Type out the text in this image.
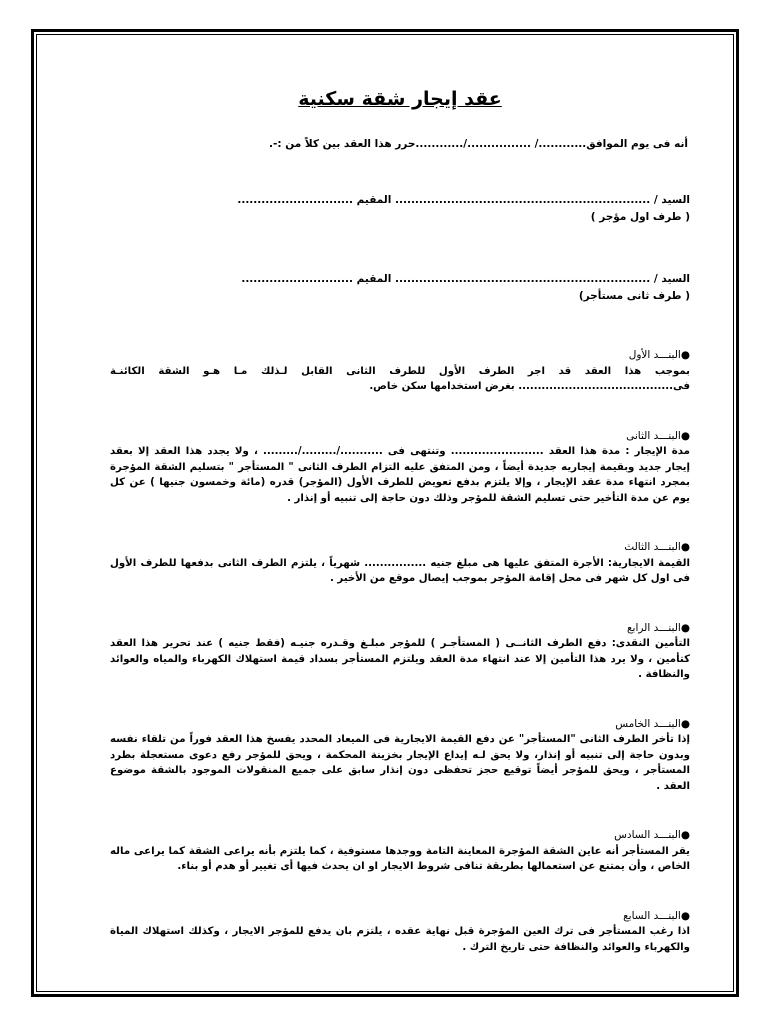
عقد إيجار شقة سكنية
أنه فى يوم الموافق............/ ................/............حرر هذا العقد بين كلاً من :-.
السيد / ................................................................ المقيم .............................
( طرف اول مؤجر )
السيد / ................................................................ المقيم ............................
( طرف ثانى مستأجر)
●البنـــد الأول

بموجب هذا العقد قد اجر الطرف الأول للطرف الثانى القابل لـذلك مـا هـو الشقة الكائنـة فى........................................ بغرض استخدامها سكن خاص.

●البنـــد الثانى

مدة الإيجار : مدة هذا العقد ........................ وتنتهى فى .........../........./......... ، ولا يجدد هذا العقد إلا بعقد إيجار جديد وبقيمة إيجاريه جديدة أيضاً ، ومن المتفق عليه التزام الطرف الثانى " المستأجر " بتسليم الشقة المؤجرة بمجرد انتهاء مدة عقد الإيجار ، وإلا يلتزم بدفع تعويض للطرف الأول (المؤجر) قدره (مائة وخمسون جنيها ) عن كل يوم عن مدة التأخير حتى تسليم الشقة للمؤجر وذلك دون حاجة إلى تنبيه أو إنذار .

●البنـــد الثالث

القيمة الايجارية: الأجرة المتفق عليها هى مبلغ جنيه ................ شهرياً ، يلتزم الطرف الثانى بدفعها للطرف الأول فى اول كل شهر فى محل إقامة المؤجر بموجب إيصال موقع من الأخير .

●البنـــد الرابع

التأمين النقدى: دفع الطرف الثانــى ( المستأجـر ) للمؤجر مبلـغ وقـدره جنيـه (فقط جنيه ) عند تحرير هذا العقد كتأمين ، ولا يرد هذا التأمين إلا عند انتهاء مدة العقد ويلتزم المستأجر بسداد قيمة استهلاك الكهرباء والمياه والعوائد والنظافة .

●البنـــد الخامس

إذا تأخر الطرف الثانى "المستأجر" عن دفع القيمة الايجارية فى الميعاد المحدد يفسخ هذا العقد فوراً من تلقاء نفسه وبدون حاجة إلى تنبيه أو إنذار، ولا يحق لـه إيداع الإيجار بخزينة المحكمة ، ويحق للمؤجر رفع دعوى مستعجلة بطرد المستأجر ، ويحق للمؤجر أيضاً توقيع حجز تحفظى دون إنذار سابق على جميع المنقولات الموجود بالشقة موضوع العقد .

●البنـــد السادس

يقر المستأجر أنه عاين الشقة المؤجرة المعاينة التامة ووجدها مستوفية ، كما يلتزم بأنه يراعى الشقة كما يراعى ماله الخاص ، وأن يمتنع عن استعمالها بطريقة تنافى شروط الايجار او ان يحدث فيها أى تغيير أو هدم أو بناء.

●البنـــد السابع

اذا رغب المستأجر فى ترك العين المؤجرة قبل نهاية عقده ، يلتزم بان يدفع للمؤجر الايجار ، وكذلك استهلاك المياة والكهرباء والعوائد والنظافة حتى تاريخ الترك .
